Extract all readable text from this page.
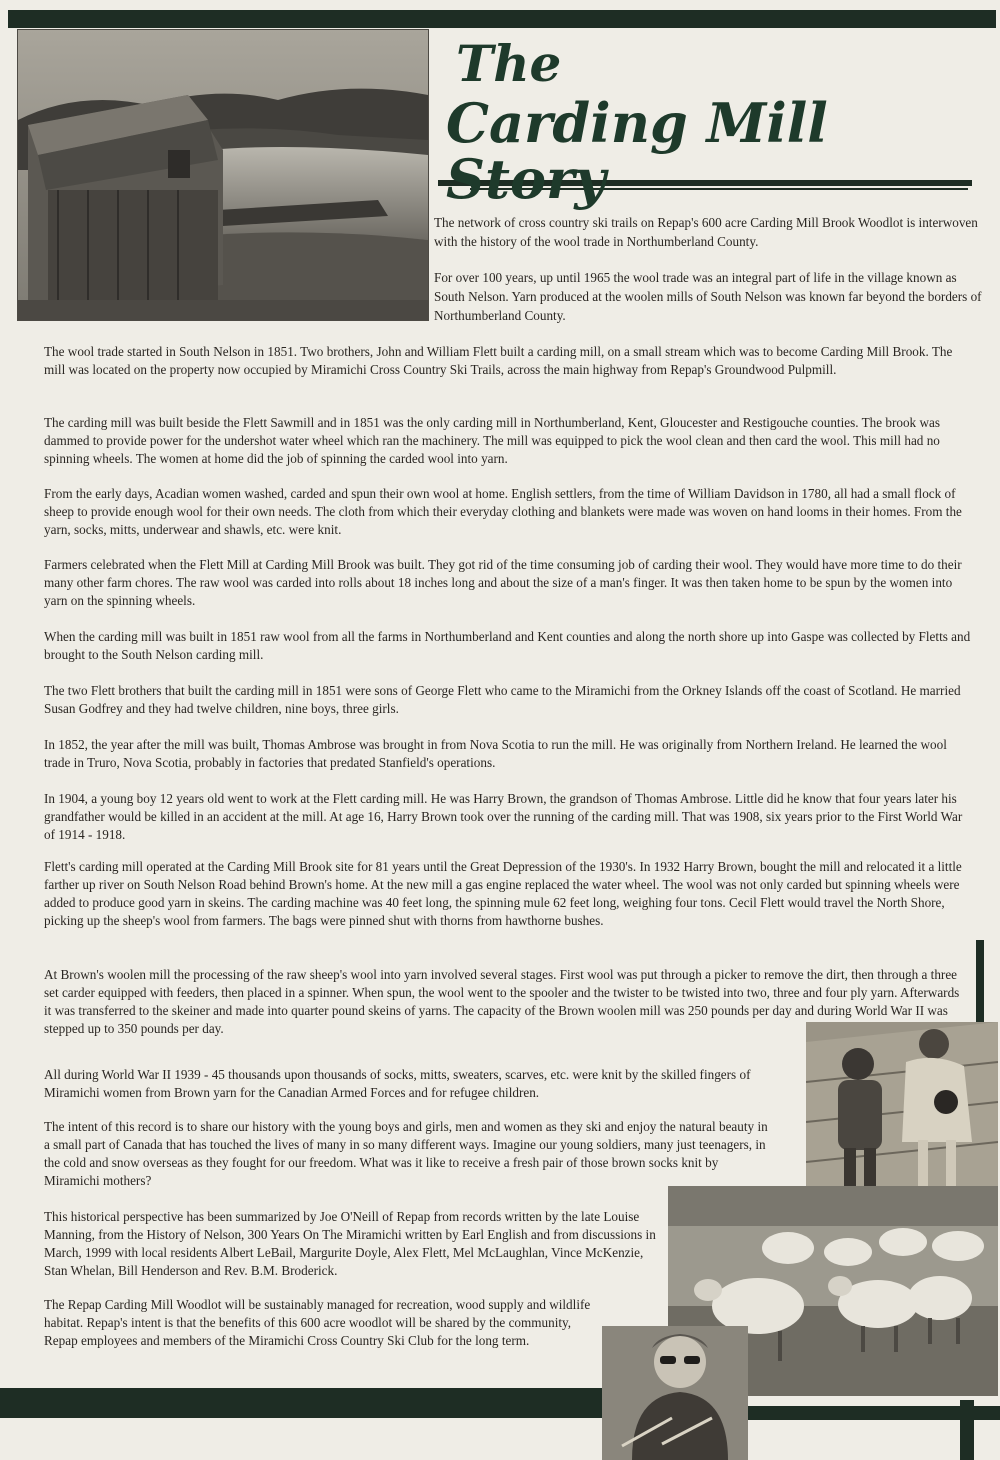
The
Carding Mill Story

The network of cross country ski trails on Repap's 600 acre Carding Mill Brook Woodlot is interwoven with the history of the wool trade in Northumberland County.

For over 100 years, up until 1965 the wool trade was an integral part of life in the village known as South Nelson. Yarn produced at the woolen mills of South Nelson was known far beyond the borders of Northumberland County.

The wool trade started in South Nelson in 1851. Two brothers, John and William Flett built a carding mill, on a small stream which was to become Carding Mill Brook. The mill was located on the property now occupied by Miramichi Cross Country Ski Trails, across the main highway from Repap's Groundwood Pulpmill.

The carding mill was built beside the Flett Sawmill and in 1851 was the only carding mill in Northumberland, Kent, Gloucester and Restigouche counties. The brook was dammed to provide power for the undershot water wheel which ran the machinery. The mill was equipped to pick the wool clean and then card the wool. This mill had no spinning wheels. The women at home did the job of spinning the carded wool into yarn.

From the early days, Acadian women washed, carded and spun their own wool at home. English settlers, from the time of William Davidson in 1780, all had a small flock of sheep to provide enough wool for their own needs. The cloth from which their everyday clothing and blankets were made was woven on hand looms in their homes. From the yarn, socks, mitts, underwear and shawls, etc. were knit.

Farmers celebrated when the Flett Mill at Carding Mill Brook was built. They got rid of the time consuming job of carding their wool. They would have more time to do their many other farm chores. The raw wool was carded into rolls about 18 inches long and about the size of a man's finger. It was then taken home to be spun by the women into yarn on the spinning wheels.

When the carding mill was built in 1851 raw wool from all the farms in Northumberland and Kent counties and along the north shore up into Gaspe was collected by Fletts and brought to the South Nelson carding mill.

The two Flett brothers that built the carding mill in 1851 were sons of George Flett who came to the Miramichi from the Orkney Islands off the coast of Scotland. He married Susan Godfrey and they had twelve children, nine boys, three girls.

In 1852, the year after the mill was built, Thomas Ambrose was brought in from Nova Scotia to run the mill. He was originally from Northern Ireland. He learned the wool trade in Truro, Nova Scotia, probably in factories that predated Stanfield's operations.

In 1904, a young boy 12 years old went to work at the Flett carding mill. He was Harry Brown, the grandson of Thomas Ambrose. Little did he know that four years later his grandfather would be killed in an accident at the mill. At age 16, Harry Brown took over the running of the carding mill. That was 1908, six years prior to the First World War of 1914 - 1918.

Flett's carding mill operated at the Carding Mill Brook site for 81 years until the Great Depression of the 1930's. In 1932 Harry Brown, bought the mill and relocated it a little farther up river on South Nelson Road behind Brown's home. At the new mill a gas engine replaced the water wheel. The wool was not only carded but spinning wheels were added to produce good yarn in skeins. The carding machine was 40 feet long, the spinning mule 62 feet long, weighing four tons. Cecil Flett would travel the North Shore, picking up the sheep's wool from farmers. The bags were pinned shut with thorns from hawthorne bushes.

At Brown's woolen mill the processing of the raw sheep's wool into yarn involved several stages. First wool was put through a picker to remove the dirt, then through a three set carder equipped with feeders, then placed in a spinner. When spun, the wool went to the spooler and the twister to be twisted into two, three and four ply yarn. Afterwards it was transferred to the skeiner and made into quarter pound skeins of yarns. The capacity of the Brown woolen mill was 250 pounds per day and during World War II was stepped up to 350 pounds per day.

All during World War II 1939 - 45 thousands upon thousands of socks, mitts, sweaters, scarves, etc. were knit by the skilled fingers of Miramichi women from Brown yarn for the Canadian Armed Forces and for refugee children.

The intent of this record is to share our history with the young boys and girls, men and women as they ski and enjoy the natural beauty in a small part of Canada that has touched the lives of many in so many different ways. Imagine our young soldiers, many just teenagers, in the cold and snow overseas as they fought for our freedom. What was it like to receive a fresh pair of those brown socks knit by Miramichi mothers?

This historical perspective has been summarized by Joe O'Neill of Repap from records written by the late Louise Manning, from the History of Nelson, 300 Years On The Miramichi written by Earl English and from discussions in March, 1999 with local residents Albert LeBail, Margurite Doyle, Alex Flett, Mel McLaughlan, Vince McKenzie, Stan Whelan, Bill Henderson and Rev. B.M. Broderick.

The Repap Carding Mill Woodlot will be sustainably managed for recreation, wood supply and wildlife habitat. Repap's intent is that the benefits of this 600 acre woodlot will be shared by the community, Repap employees and members of the Miramichi Cross Country Ski Club for the long term.
